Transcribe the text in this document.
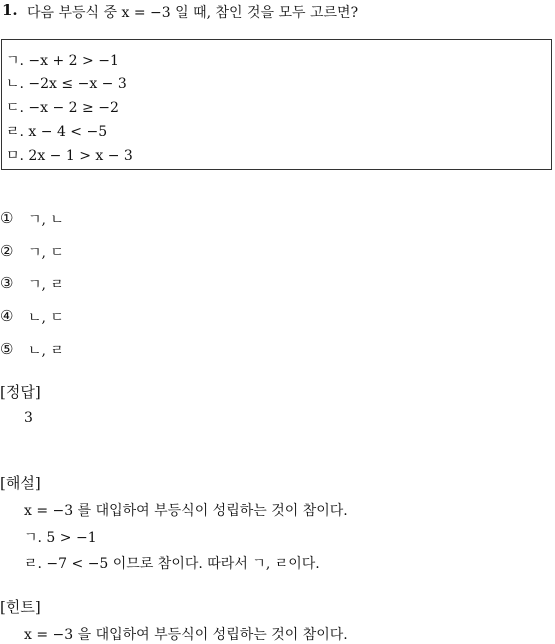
1. 다음 부등식 중 x = −3 일 때, 참인 것을 모두 고르면?
ㄱ. −x + 2 > −1
ㄴ. −2x ≤ −x − 3
ㄷ. −x − 2 ≥ −2
ㄹ. x − 4 < −5
ㅁ. 2x − 1 > x − 3
① ㄱ, ㄴ
② ㄱ, ㄷ
③ ㄱ, ㄹ
④ ㄴ, ㄷ
⑤ ㄴ, ㄹ
[정답]
3
[해설]
x = −3 를 대입하여 부등식이 성립하는 것이 참이다.
ㄱ. 5 > −1
ㄹ. −7 < −5 이므로 참이다. 따라서 ㄱ, ㄹ이다.
[힌트]
x = −3 을 대입하여 부등식이 성립하는 것이 참이다.
